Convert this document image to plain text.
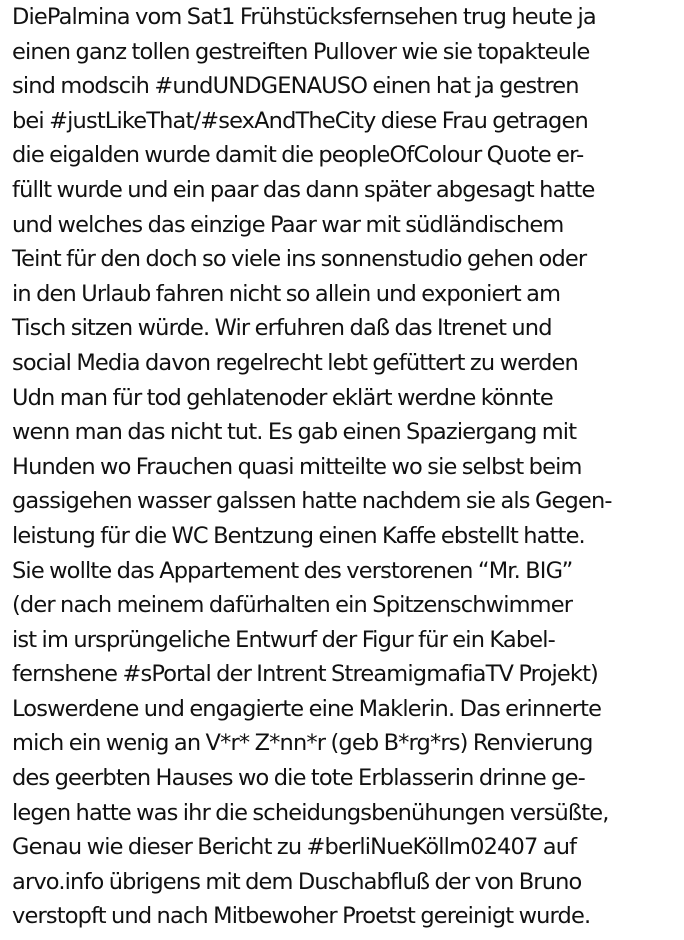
DiePalmina vom Sat1 Frühstücksfernsehen trug heute ja
einen ganz tollen gestreiften Pullover wie sie topakteule
sind modscih #undUNDGENAUSO einen hat ja gestren
bei #justLikeThat/#sexAndTheCity diese Frau getragen
die eigalden wurde damit die peopleOfColour Quote er-
füllt wurde und ein paar das dann später abgesagt hatte
und welches das einzige Paar war mit südländischem
Teint für den doch so viele ins sonnenstudio gehen oder
in den Urlaub fahren nicht so allein und exponiert am
Tisch sitzen würde. Wir erfuhren daß das Itrenet und
social Media davon regelrecht lebt gefüttert zu werden
Udn man für tod gehlatenoder eklärt werdne könnte
wenn man das nicht tut. Es gab einen Spaziergang mit
Hunden wo Frauchen quasi mitteilte wo sie selbst beim
gassigehen wasser galssen hatte nachdem sie als Gegen-
leistung für die WC Bentzung einen Kaffe ebstellt hatte.
Sie wollte das Appartement des verstorenen “Mr. BIG”
(der nach meinem dafürhalten ein Spitzenschwimmer
ist im ursprüngeliche Entwurf der Figur für ein Kabel-
fernshene #sPortal der Intrent StreamigmafiaTV Projekt)
Loswerdene und engagierte eine Maklerin. Das erinnerte
mich ein wenig an V*r* Z*nn*r (geb B*rg*rs) Renvierung
des geerbten Hauses wo die tote Erblasserin drinne ge-
legen hatte was ihr die scheidungsbenühungen versüßte,
Genau wie dieser Bericht zu #berliNueKöllm02407 auf
arvo.info übrigens mit dem Duschabfluß der von Bruno
verstopft und nach Mitbewoher Proetst gereinigt wurde.
